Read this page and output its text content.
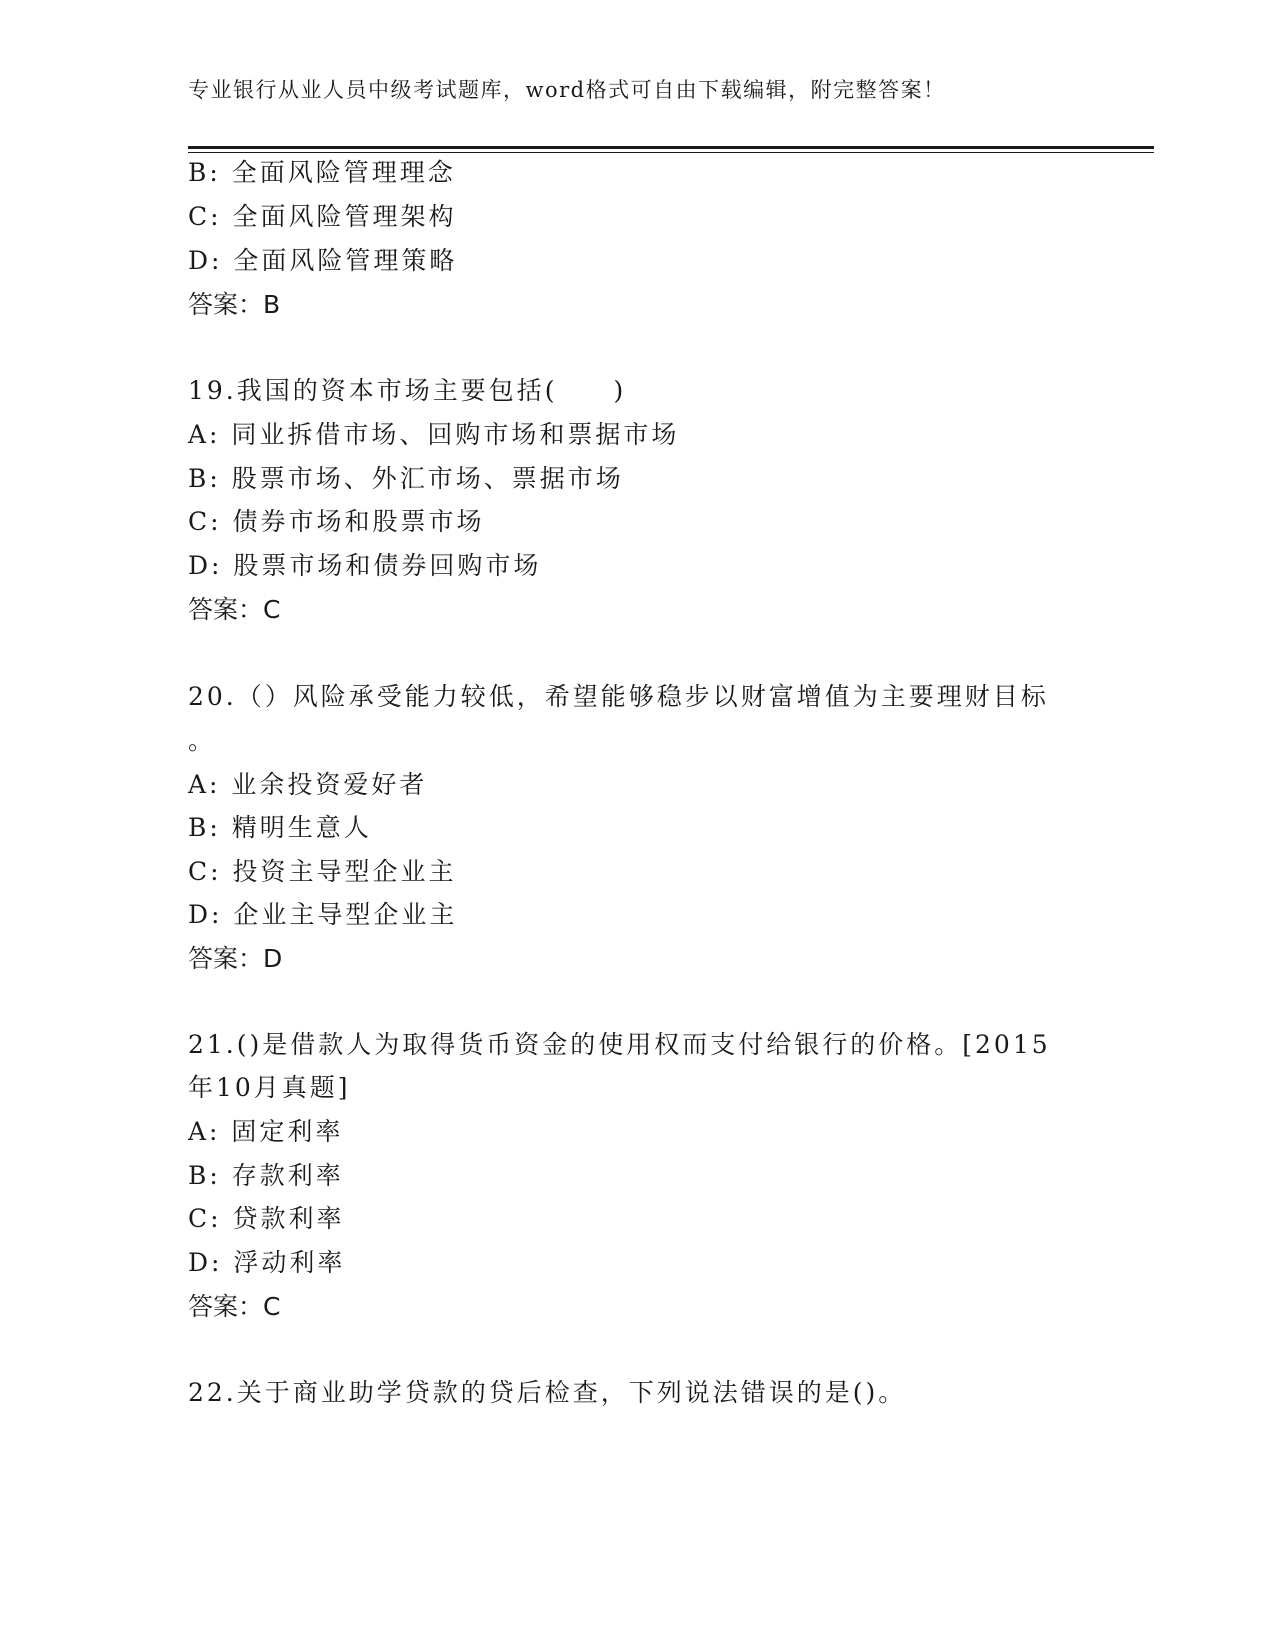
专业银行从业人员中级考试题库，word格式可自由下载编辑，附完整答案！
B: 全面风险管理理念
C: 全面风险管理架构
D: 全面风险管理策略
答案：B
19.我国的资本市场主要包括(　　)
A: 同业拆借市场、回购市场和票据市场
B: 股票市场、外汇市场、票据市场
C: 债券市场和股票市场
D: 股票市场和债券回购市场
答案：C
20.（）风险承受能力较低，希望能够稳步以财富增值为主要理财目标
。
A: 业余投资爱好者
B: 精明生意人
C: 投资主导型企业主
D: 企业主导型企业主
答案：D
21.()是借款人为取得货币资金的使用权而支付给银行的价格。[2015
年10月真题]
A: 固定利率
B: 存款利率
C: 贷款利率
D: 浮动利率
答案：C
22.关于商业助学贷款的贷后检查，下列说法错误的是()。
